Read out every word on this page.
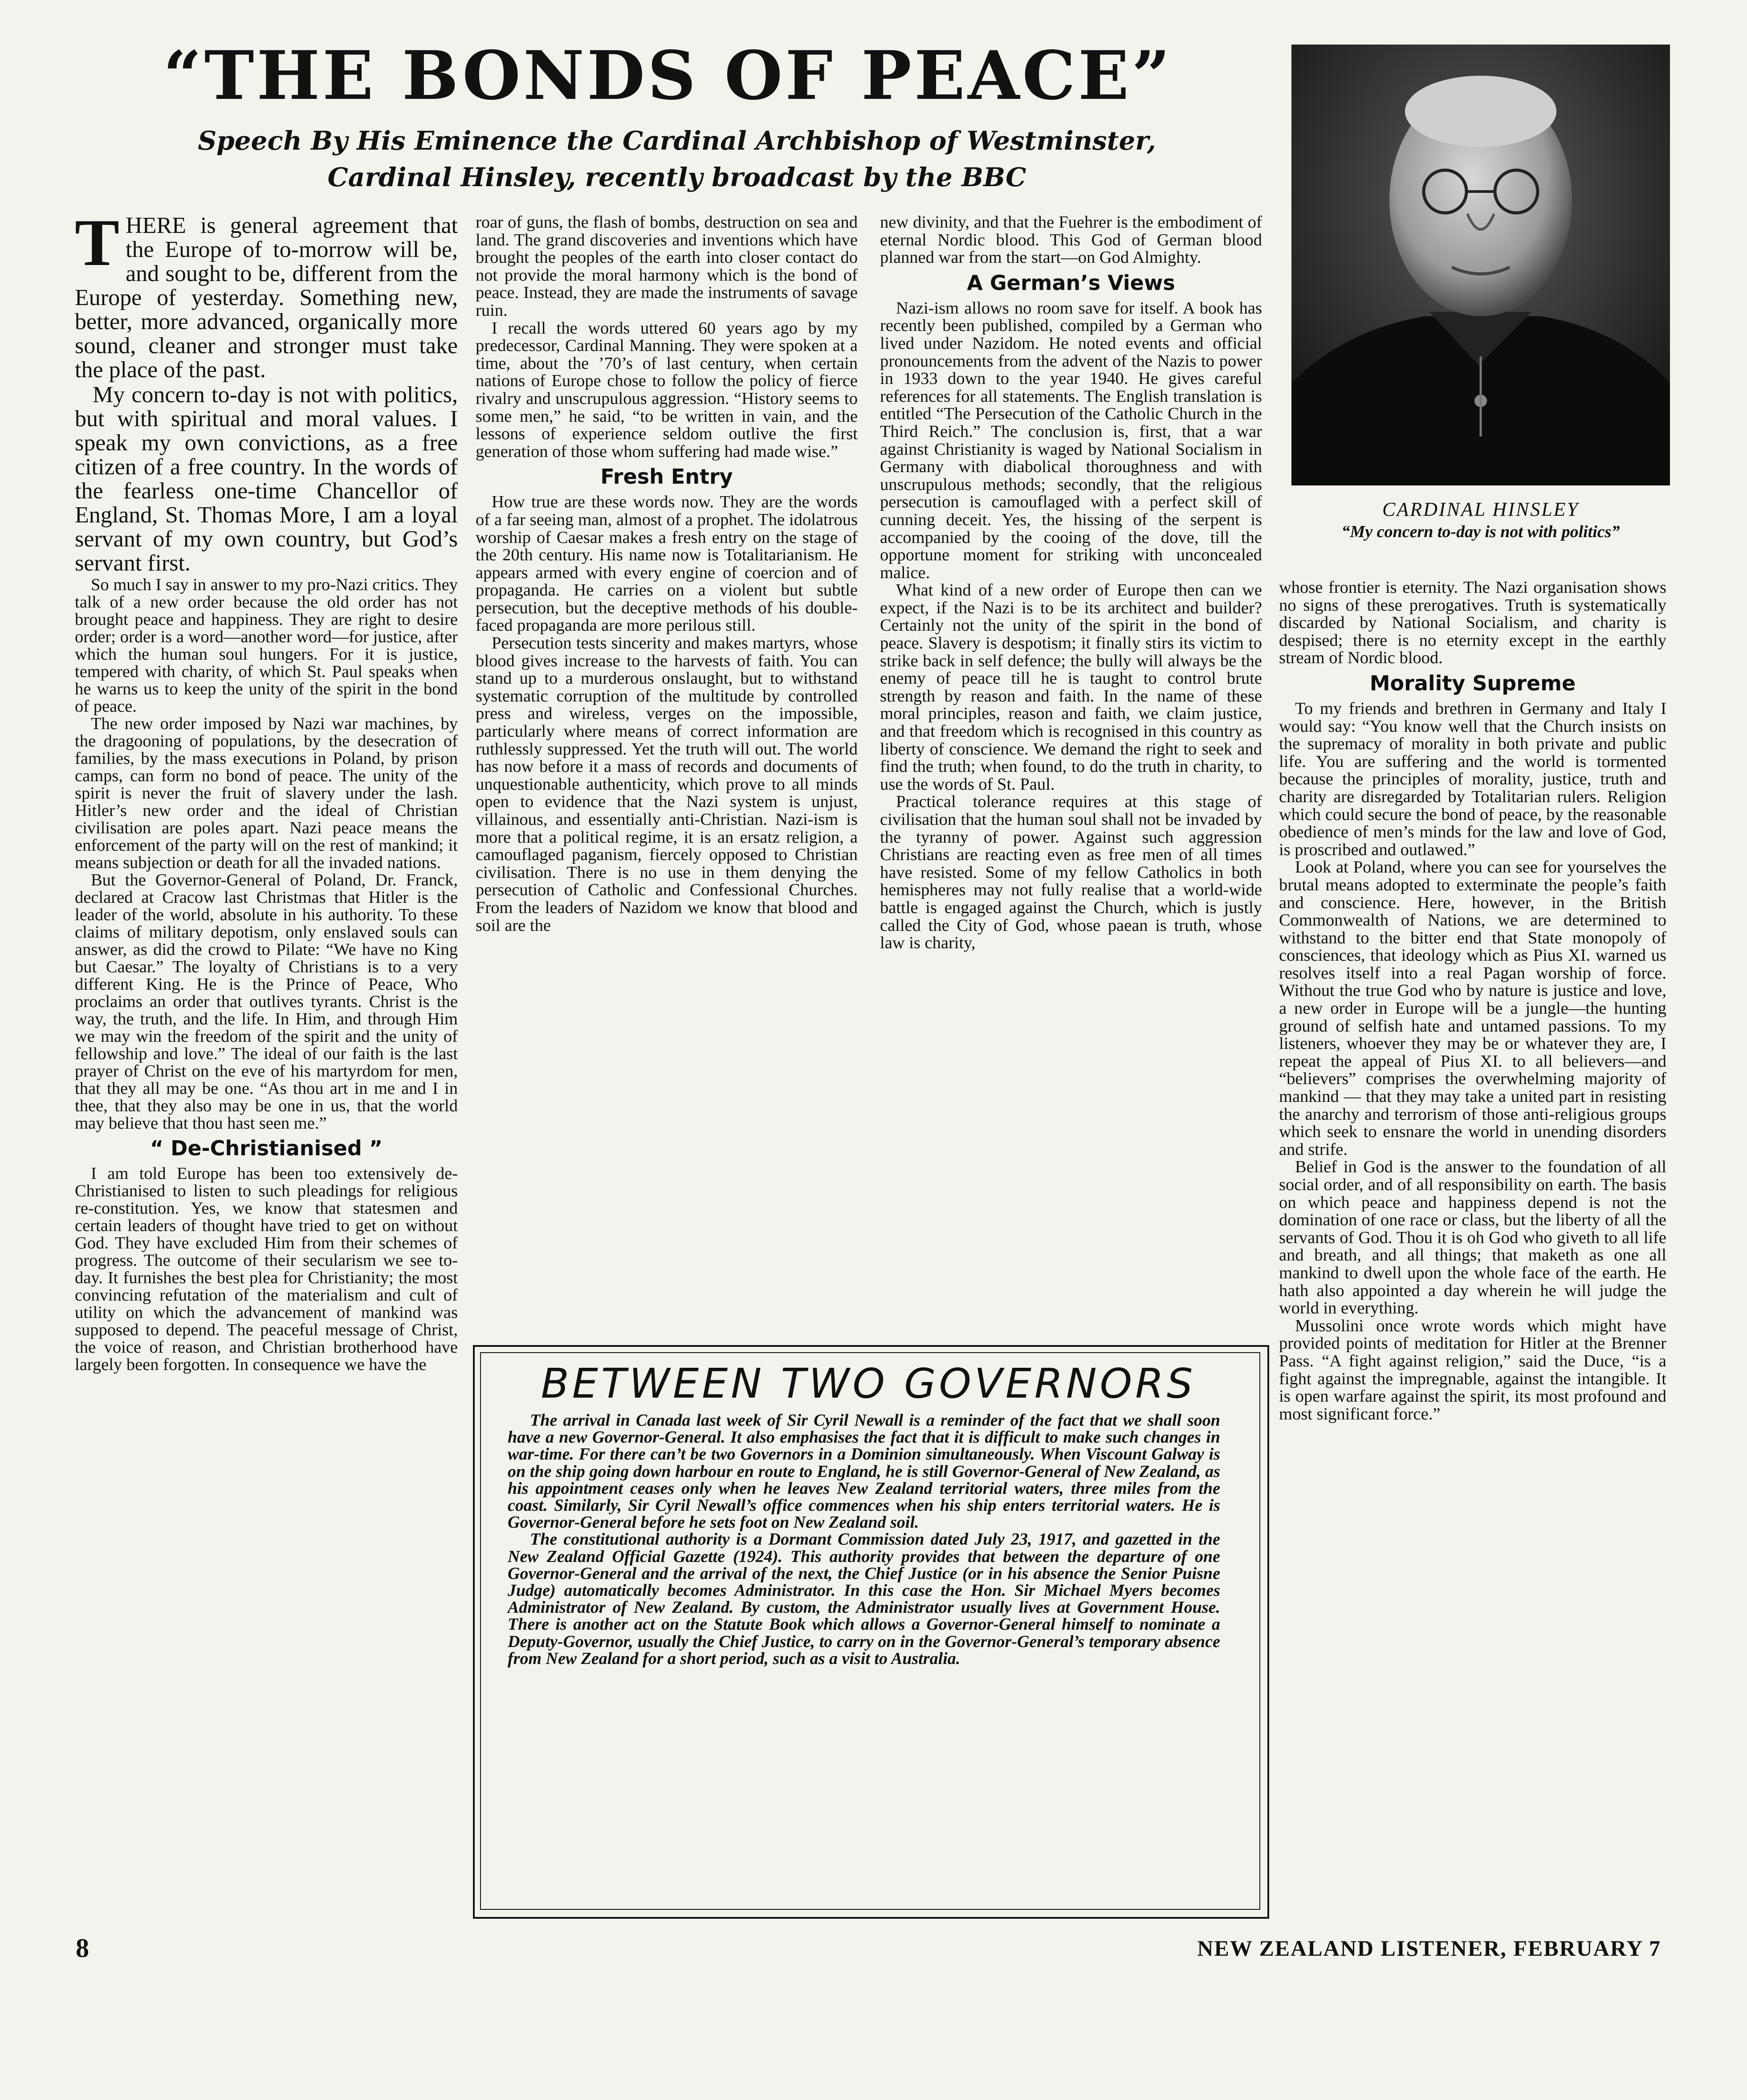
“THE BONDS OF PEACE”
Speech By His Eminence the Cardinal Archbishop of Westminster,
Cardinal Hinsley, recently broadcast by the BBC
CARDINAL HINSLEY
“My concern to-day is not with politics”

THERE is general agreement that the Europe of to-morrow will be, and sought to be, different from the Europe of yesterday. Something new, better, more advanced, organically more sound, cleaner and stronger must take the place of the past.

My concern to-day is not with politics, but with spiritual and moral values. I speak my own convictions, as a free citizen of a free country. In the words of the fearless one-time Chancellor of England, St. Thomas More, I am a loyal servant of my own country, but God’s servant first.

So much I say in answer to my pro-Nazi critics. They talk of a new order because the old order has not brought peace and happiness. They are right to desire order; order is a word—another word—for justice, after which the human soul hungers. For it is justice, tempered with charity, of which St. Paul speaks when he warns us to keep the unity of the spirit in the bond of peace.

The new order imposed by Nazi war machines, by the dragooning of populations, by the desecration of families, by the mass executions in Poland, by prison camps, can form no bond of peace. The unity of the spirit is never the fruit of slavery under the lash. Hitler’s new order and the ideal of Christian civilisation are poles apart. Nazi peace means the enforcement of the party will on the rest of mankind; it means subjection or death for all the invaded nations.

But the Governor-General of Poland, Dr. Franck, declared at Cracow last Christmas that Hitler is the leader of the world, absolute in his authority. To these claims of military depotism, only enslaved souls can answer, as did the crowd to Pilate: “We have no King but Caesar.” The loyalty of Christians is to a very different King. He is the Prince of Peace, Who proclaims an order that outlives tyrants. Christ is the way, the truth, and the life. In Him, and through Him we may win the freedom of the spirit and the unity of fellowship and love.” The ideal of our faith is the last prayer of Christ on the eve of his martyrdom for men, that they all may be one. “As thou art in me and I in thee, that they also may be one in us, that the world may believe that thou hast seen me.”

“ De-Christianised ”

I am told Europe has been too extensively de-Christianised to listen to such pleadings for religious re-constitution. Yes, we know that statesmen and certain leaders of thought have tried to get on without God. They have excluded Him from their schemes of progress. The outcome of their secularism we see to-day. It furnishes the best plea for Christianity; the most convincing refutation of the materialism and cult of utility on which the advancement of mankind was supposed to depend. The peaceful message of Christ, the voice of reason, and Christian brotherhood have largely been forgotten. In consequence we have the

roar of guns, the flash of bombs, destruction on sea and land. The grand discoveries and inventions which have brought the peoples of the earth into closer contact do not provide the moral harmony which is the bond of peace. Instead, they are made the instruments of savage ruin.

I recall the words uttered 60 years ago by my predecessor, Cardinal Manning. They were spoken at a time, about the ’70’s of last century, when certain nations of Europe chose to follow the policy of fierce rivalry and unscrupulous aggression. “History seems to some men,” he said, “to be written in vain, and the lessons of experience seldom outlive the first generation of those whom suffering had made wise.”

Fresh Entry

How true are these words now. They are the words of a far seeing man, almost of a prophet. The idolatrous worship of Caesar makes a fresh entry on the stage of the 20th century. His name now is Totalitarianism. He appears armed with every engine of coercion and of propaganda. He carries on a violent but subtle persecution, but the deceptive methods of his double-faced propaganda are more perilous still.

Persecution tests sincerity and makes martyrs, whose blood gives increase to the harvests of faith. You can stand up to a murderous onslaught, but to withstand systematic corruption of the multitude by controlled press and wireless, verges on the impossible, particularly where means of correct information are ruthlessly suppressed. Yet the truth will out. The world has now before it a mass of records and documents of unquestionable authenticity, which prove to all minds open to evidence that the Nazi system is unjust, villainous, and essentially anti-Christian. Nazi-ism is more that a political regime, it is an ersatz religion, a camouflaged paganism, fiercely opposed to Christian civilisation. There is no use in them denying the persecution of Catholic and Confessional Churches. From the leaders of Nazidom we know that blood and soil are the

new divinity, and that the Fuehrer is the embodiment of eternal Nordic blood. This God of German blood planned war from the start—on God Almighty.

A German’s Views

Nazi-ism allows no room save for itself. A book has recently been published, compiled by a German who lived under Nazidom. He noted events and official pronouncements from the advent of the Nazis to power in 1933 down to the year 1940. He gives careful references for all statements. The English translation is entitled “The Persecution of the Catholic Church in the Third Reich.” The conclusion is, first, that a war against Christianity is waged by National Socialism in Germany with diabolical thoroughness and with unscrupulous methods; secondly, that the religious persecution is camouflaged with a perfect skill of cunning deceit. Yes, the hissing of the serpent is accompanied by the cooing of the dove, till the opportune moment for striking with unconcealed malice.

What kind of a new order of Europe then can we expect, if the Nazi is to be its architect and builder? Certainly not the unity of the spirit in the bond of peace. Slavery is despotism; it finally stirs its victim to strike back in self defence; the bully will always be the enemy of peace till he is taught to control brute strength by reason and faith. In the name of these moral principles, reason and faith, we claim justice, and that freedom which is recognised in this country as liberty of conscience. We demand the right to seek and find the truth; when found, to do the truth in charity, to use the words of St. Paul.

Practical tolerance requires at this stage of civilisation that the human soul shall not be invaded by the tyranny of power. Against such aggression Christians are reacting even as free men of all times have resisted. Some of my fellow Catholics in both hemispheres may not fully realise that a world-wide battle is engaged against the Church, which is justly called the City of God, whose paean is truth, whose law is charity,

whose frontier is eternity. The Nazi organisation shows no signs of these prerogatives. Truth is systematically discarded by National Socialism, and charity is despised; there is no eternity except in the earthly stream of Nordic blood.

Morality Supreme

To my friends and brethren in Germany and Italy I would say: “You know well that the Church insists on the supremacy of morality in both private and public life. You are suffering and the world is tormented because the principles of morality, justice, truth and charity are disregarded by Totalitarian rulers. Religion which could secure the bond of peace, by the reasonable obedience of men’s minds for the law and love of God, is proscribed and outlawed.”

Look at Poland, where you can see for yourselves the brutal means adopted to exterminate the people’s faith and conscience. Here, however, in the British Commonwealth of Nations, we are determined to withstand to the bitter end that State monopoly of consciences, that ideology which as Pius XI. warned us resolves itself into a real Pagan worship of force. Without the true God who by nature is justice and love, a new order in Europe will be a jungle—the hunting ground of selfish hate and untamed passions. To my listeners, whoever they may be or whatever they are, I repeat the appeal of Pius XI. to all believers—and “believers” comprises the overwhelming majority of mankind — that they may take a united part in resisting the anarchy and terrorism of those anti-religious groups which seek to ensnare the world in unending disorders and strife.

Belief in God is the answer to the foundation of all social order, and of all responsibility on earth. The basis on which peace and happiness depend is not the domination of one race or class, but the liberty of all the servants of God. Thou it is oh God who giveth to all life and breath, and all things; that maketh as one all mankind to dwell upon the whole face of the earth. He hath also appointed a day wherein he will judge the world in everything.

Mussolini once wrote words which might have provided points of meditation for Hitler at the Brenner Pass. “A fight against religion,” said the Duce, “is a fight against the impregnable, against the intangible. It is open warfare against the spirit, its most profound and most significant force.”

BETWEEN TWO GOVERNORS

The arrival in Canada last week of Sir Cyril Newall is a reminder of the fact that we shall soon have a new Governor-General. It also emphasises the fact that it is difficult to make such changes in war-time. For there can’t be two Governors in a Dominion simultaneously. When Viscount Galway is on the ship going down harbour en route to England, he is still Governor-General of New Zealand, as his appointment ceases only when he leaves New Zealand territorial waters, three miles from the coast. Similarly, Sir Cyril Newall’s office commences when his ship enters territorial waters. He is Governor-General before he sets foot on New Zealand soil.

The constitutional authority is a Dormant Commission dated July 23, 1917, and gazetted in the New Zealand Official Gazette (1924). This authority provides that between the departure of one Governor-General and the arrival of the next, the Chief Justice (or in his absence the Senior Puisne Judge) automatically becomes Administrator. In this case the Hon. Sir Michael Myers becomes Administrator of New Zealand. By custom, the Administrator usually lives at Government House. There is another act on the Statute Book which allows a Governor-General himself to nominate a Deputy-Governor, usually the Chief Justice, to carry on in the Governor-General’s temporary absence from New Zealand for a short period, such as a visit to Australia.

8	NEW ZEALAND LISTENER, FEBRUARY 7
